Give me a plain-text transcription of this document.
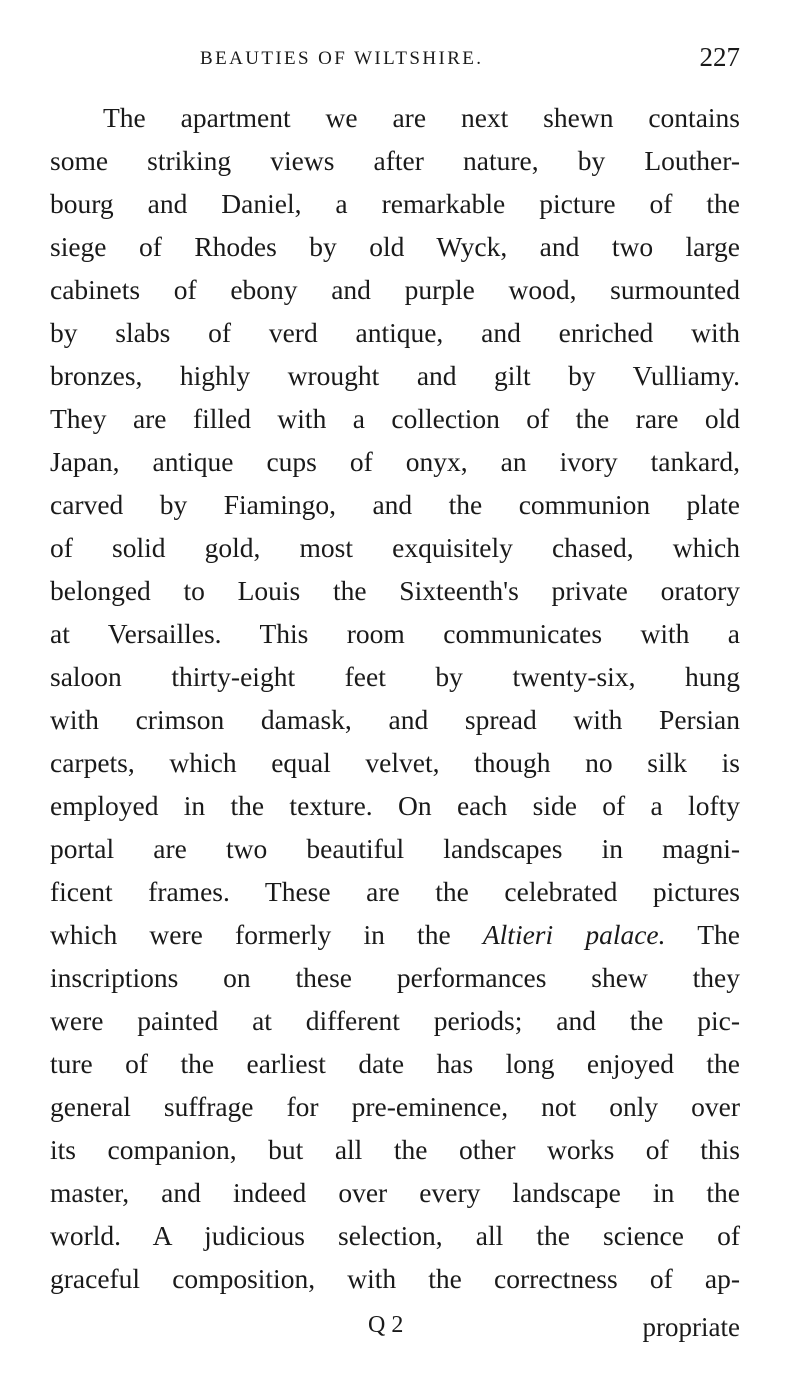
BEAUTIES OF WILTSHIRE.	227
The apartment we are next shewn contains
some striking views after nature, by Louther-
bourg and Daniel, a remarkable picture of the
siege of Rhodes by old Wyck, and two large
cabinets of ebony and purple wood, surmounted
by slabs of verd antique, and enriched with
bronzes, highly wrought and gilt by Vulliamy.
They are filled with a collection of the rare old
Japan, antique cups of onyx, an ivory tankard,
carved by Fiamingo, and the communion plate
of solid gold, most exquisitely chased, which
belonged to Louis the Sixteenth's private oratory
at Versailles. This room communicates with a
saloon thirty-eight feet by twenty-six, hung
with crimson damask, and spread with Persian
carpets, which equal velvet, though no silk is
employed in the texture. On each side of a lofty
portal are two beautiful landscapes in magni-
ficent frames. These are the celebrated pictures
which were formerly in the Altieri palace. The
inscriptions on these performances shew they
were painted at different periods; and the pic-
ture of the earliest date has long enjoyed the
general suffrage for pre-eminence, not only over
its companion, but all the other works of this
master, and indeed over every landscape in the
world. A judicious selection, all the science of
graceful composition, with the correctness of ap-
Q 2	propriate
